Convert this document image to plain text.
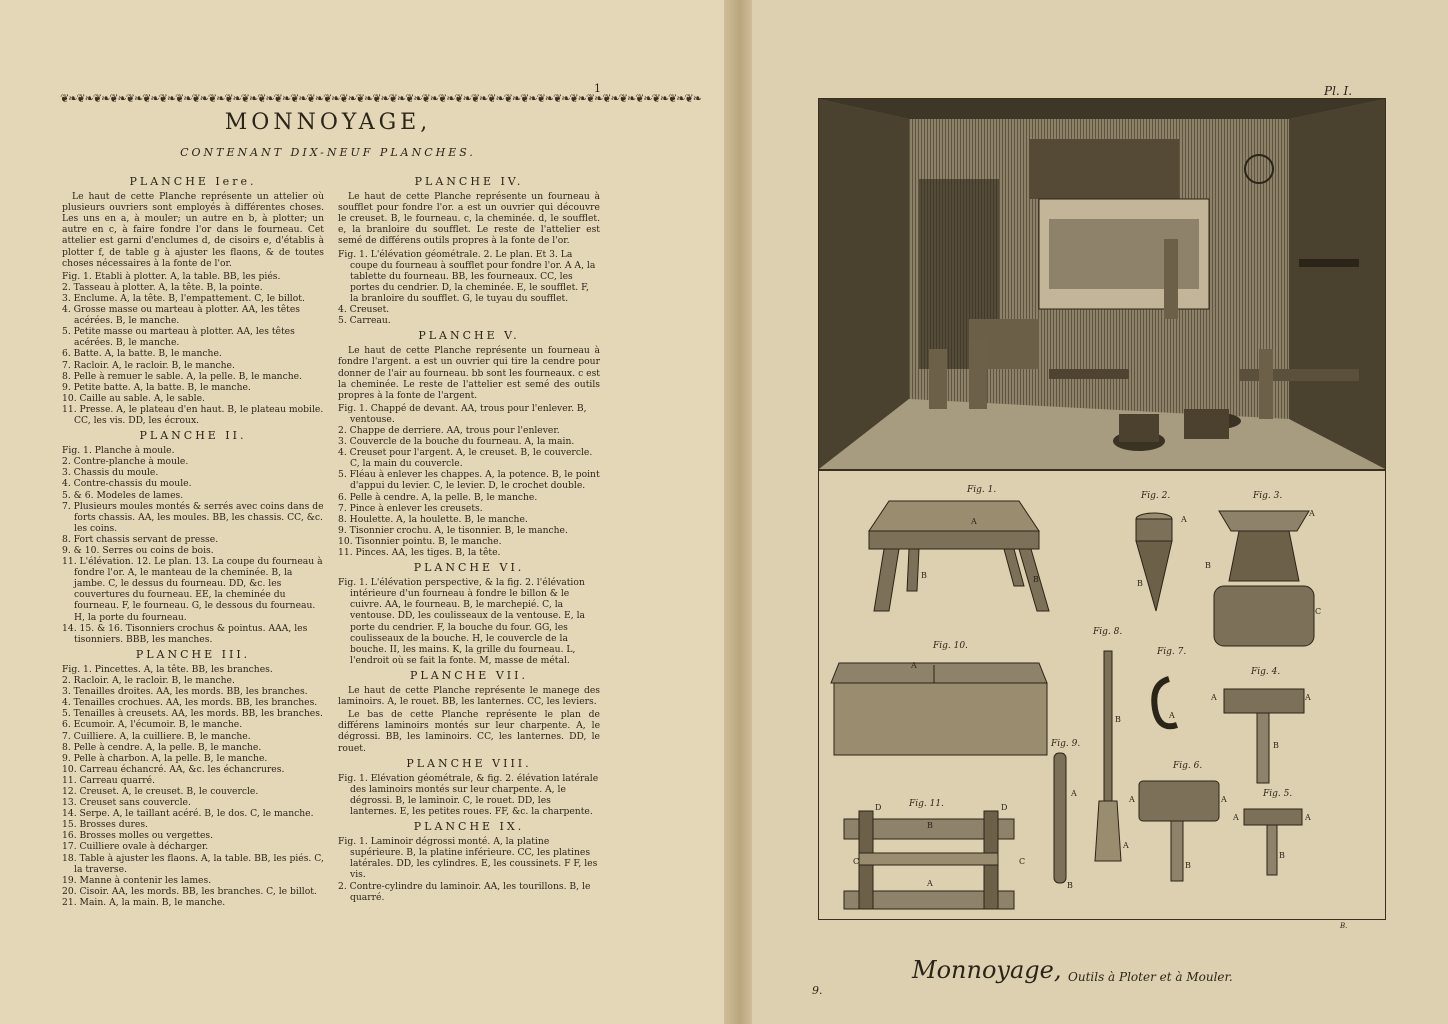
1
❦❧❦❧❦❧❦❧❦❧❦❧❦❧❦❧❦❧❦❧❦❧❦❧❦❧❦❧❦❧❦❧❦❧❦❧❦❧❦❧❦❧❦❧❦❧❦❧❦❧❦❧❦❧❦❧❦❧❦❧❦❧❦❧❦❧❦❧❦❧❦❧❦❧❦❧❦❧
MONNOYAGE,
CONTENANT DIX-NEUF PLANCHES.
PLANCHE Iere.
Le haut de cette Planche représente un attelier où plusieurs ouvriers sont employés à différentes choses. Les uns en a, à mouler; un autre en b, à plotter; un autre en c, à faire fondre l'or dans le fourneau. Cet attelier est garni d'enclumes d, de cisoirs e, d'établis à plotter f, de table g à ajuster les flaons, & de toutes choses nécessaires à la fonte de l'or.
Fig. 1. Etabli à plotter. A, la table. BB, les piés.
2. Tasseau à plotter. A, la tête. B, la pointe.
3. Enclume. A, la tête. B, l'empattement. C, le billot.
4. Grosse masse ou marteau à plotter. AA, les têtes acérées. B, le manche.
5. Petite masse ou marteau à plotter. AA, les têtes acérées. B, le manche.
6. Batte. A, la batte. B, le manche.
7. Racloir. A, le racloir. B, le manche.
8. Pelle à remuer le sable. A, la pelle. B, le manche.
9. Petite batte. A, la batte. B, le manche.
10. Caille au sable. A, le sable.
11. Presse. A, le plateau d'en haut. B, le plateau mobile. CC, les vis. DD, les écroux.
PLANCHE II.
Fig. 1. Planche à moule.
2. Contre-planche à moule.
3. Chassis du moule.
4. Contre-chassis du moule.
5. & 6. Modeles de lames.
7. Plusieurs moules montés & serrés avec coins dans de forts chassis. AA, les moules. BB, les chassis. CC, &c. les coins.
8. Fort chassis servant de presse.
9. & 10. Serres ou coins de bois.
11. L'élévation. 12. Le plan. 13. La coupe du fourneau à fondre l'or. A, le manteau de la cheminée. B, la jambe. C, le dessus du fourneau. DD, &c. les couvertures du fourneau. EE, la cheminée du fourneau. F, le fourneau. G, le dessous du fourneau. H, la porte du fourneau.
14. 15. & 16. Tisonniers crochus & pointus. AAA, les tisonniers. BBB, les manches.
PLANCHE III.
Fig. 1. Pincettes. A, la tête. BB, les branches.
2. Racloir. A, le racloir. B, le manche.
3. Tenailles droites. AA, les mords. BB, les branches.
4. Tenailles crochues. AA, les mords. BB, les branches.
5. Tenailles à creusets. AA, les mords. BB, les branches.
6. Ecumoir. A, l'écumoir. B, le manche.
7. Cuilliere. A, la cuilliere. B, le manche.
8. Pelle à cendre. A, la pelle. B, le manche.
9. Pelle à charbon. A, la pelle. B, le manche.
10. Carreau échancré. AA, &c. les échancrures.
11. Carreau quarré.
12. Creuset. A, le creuset. B, le couvercle.
13. Creuset sans couvercle.
14. Serpe. A, le taillant acéré. B, le dos. C, le manche.
15. Brosses dures.
16. Brosses molles ou vergettes.
17. Cuilliere ovale à décharger.
18. Table à ajuster les flaons. A, la table. BB, les piés. C, la traverse.
19. Manne à contenir les lames.
20. Cisoir. AA, les mords. BB, les branches. C, le billot.
21. Main. A, la main. B, le manche.
PLANCHE IV.
Le haut de cette Planche représente un fourneau à soufflet pour fondre l'or. a est un ouvrier qui découvre le creuset. B, le fourneau. c, la cheminée. d, le soufflet. e, la branloire du soufflet. Le reste de l'attelier est semé de différens outils propres à la fonte de l'or.
Fig. 1. L'élévation géométrale. 2. Le plan. Et 3. La coupe du fourneau à soufflet pour fondre l'or. A A, la tablette du fourneau. BB, les fourneaux. CC, les portes du cendrier. D, la cheminée. E, le soufflet. F, la branloire du soufflet. G, le tuyau du soufflet.
4. Creuset.
5. Carreau.
PLANCHE V.
Le haut de cette Planche représente un fourneau à fondre l'argent. a est un ouvrier qui tire la cendre pour donner de l'air au fourneau. bb sont les fourneaux. c est la cheminée. Le reste de l'attelier est semé des outils propres à la fonte de l'argent.
Fig. 1. Chappé de devant. AA, trous pour l'enlever. B, ventouse.
2. Chappe de derriere. AA, trous pour l'enlever.
3. Couvercle de la bouche du fourneau. A, la main.
4. Creuset pour l'argent. A, le creuset. B, le couvercle. C, la main du couvercle.
5. Fléau à enlever les chappes. A, la potence. B, le point d'appui du levier. C, le levier. D, le crochet double.
6. Pelle à cendre. A, la pelle. B, le manche.
7. Pince à enlever les creusets.
8. Houlette. A, la houlette. B, le manche.
9. Tisonnier crochu. A, le tisonnier. B, le manche.
10. Tisonnier pointu. B, le manche.
11. Pinces. AA, les tiges. B, la tête.
PLANCHE VI.
Fig. 1. L'élévation perspective, & la fig. 2. l'élévation intérieure d'un fourneau à fondre le billon & le cuivre. AA, le fourneau. B, le marchepié. C, la ventouse. DD, les coulisseaux de la ventouse. E, la porte du cendrier. F, la bouche du four. GG, les coulisseaux de la bouche. H, le couvercle de la bouche. II, les mains. K, la grille du fourneau. L, l'endroit où se fait la fonte. M, masse de métal.
PLANCHE VII.
Le haut de cette Planche représente le manege des laminoirs. A, le rouet. BB, les lanternes. CC, les leviers.
Le bas de cette Planche représente le plan de différens laminoirs montés sur leur charpente. A, le dégrossi. BB, les laminoirs. CC, les lanternes. DD, le rouet.
PLANCHE VIII.
Fig. 1. Elévation géométrale, & fig. 2. élévation latérale des laminoirs montés sur leur charpente. A, le dégrossi. B, le laminoir. C, le rouet. DD, les lanternes. E, les petites roues. FF, &c. la charpente.
PLANCHE IX.
Fig. 1. Laminoir dégrossi monté. A, la platine supérieure. B, la platine inférieure. CC, les platines latérales. DD, les cylindres. E, les coussinets. F F, les vis.
2. Contre-cylindre du laminoir. AA, les tourillons. B, le quarré.
Pl. I.
Fig. 1.
Fig. 2.	Fig. 3.
Fig. 10.
Fig. 8.
Fig. 7.
Fig. 4.
Fig. 9.
Fig. 6.
Fig. 5.
Fig. 11.
A
B	B
A
B
A
B
C
A
B
A
A
A
A
B
A
B
A	A
B
A	A
B
D	D
B
C	C
A
B.
Monnoyage, Outils à Ploter et à Mouler.
9.
